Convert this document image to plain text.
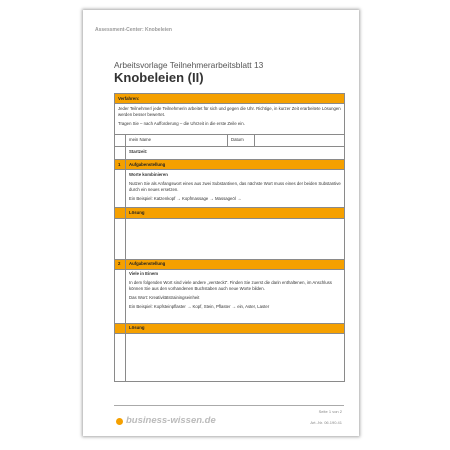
Assessment-Center: Knobeleien
Arbeitsvorlage Teilnehmerarbeitsblatt 13
Knobeleien (II)
Verfahren:			

Jeder Teilnehmer/ jede Teilnehmerin arbeitet für sich und gegen die Uhr. Richtige, in kurzer Zeit erarbeitete Lösungen werden besser bewertet.

Tragen Sie – nach Aufforderung – die Uhrzeit in die erste Zeile ein.			

	mein Name	Datum	
	Startzeit:		
1	Aufgabenstellung		

	Worte kombinieren

Nutzen Sie als Anfangswort eines aus zwei Substantiven, das nächste Wort muss eines der beiden Substantive durch ein neues ersetzen.

Ein Beispiel: Katzenkopf → Kopfmassage → Massageöl →		

	Lösung		

2	Aufgabenstellung		

	Viele in Einem

In dem folgenden Wort sind viele andere „versteckt“. Finden Sie zuerst die darin enthaltenen, im Anschluss können Sie aus den vorhandenen Buchstaben auch neue Worte bilden.

Das Wort: Kreativitätstrainingseinheit

Ein Beispiel: Kopfsteinpflaster → Kopf, Stein, Pflaster → ein, Aster, Laster		

	Lösung		

business-wissen.de
Seite 1 von 2
Art.-Nr. 06.190.41
